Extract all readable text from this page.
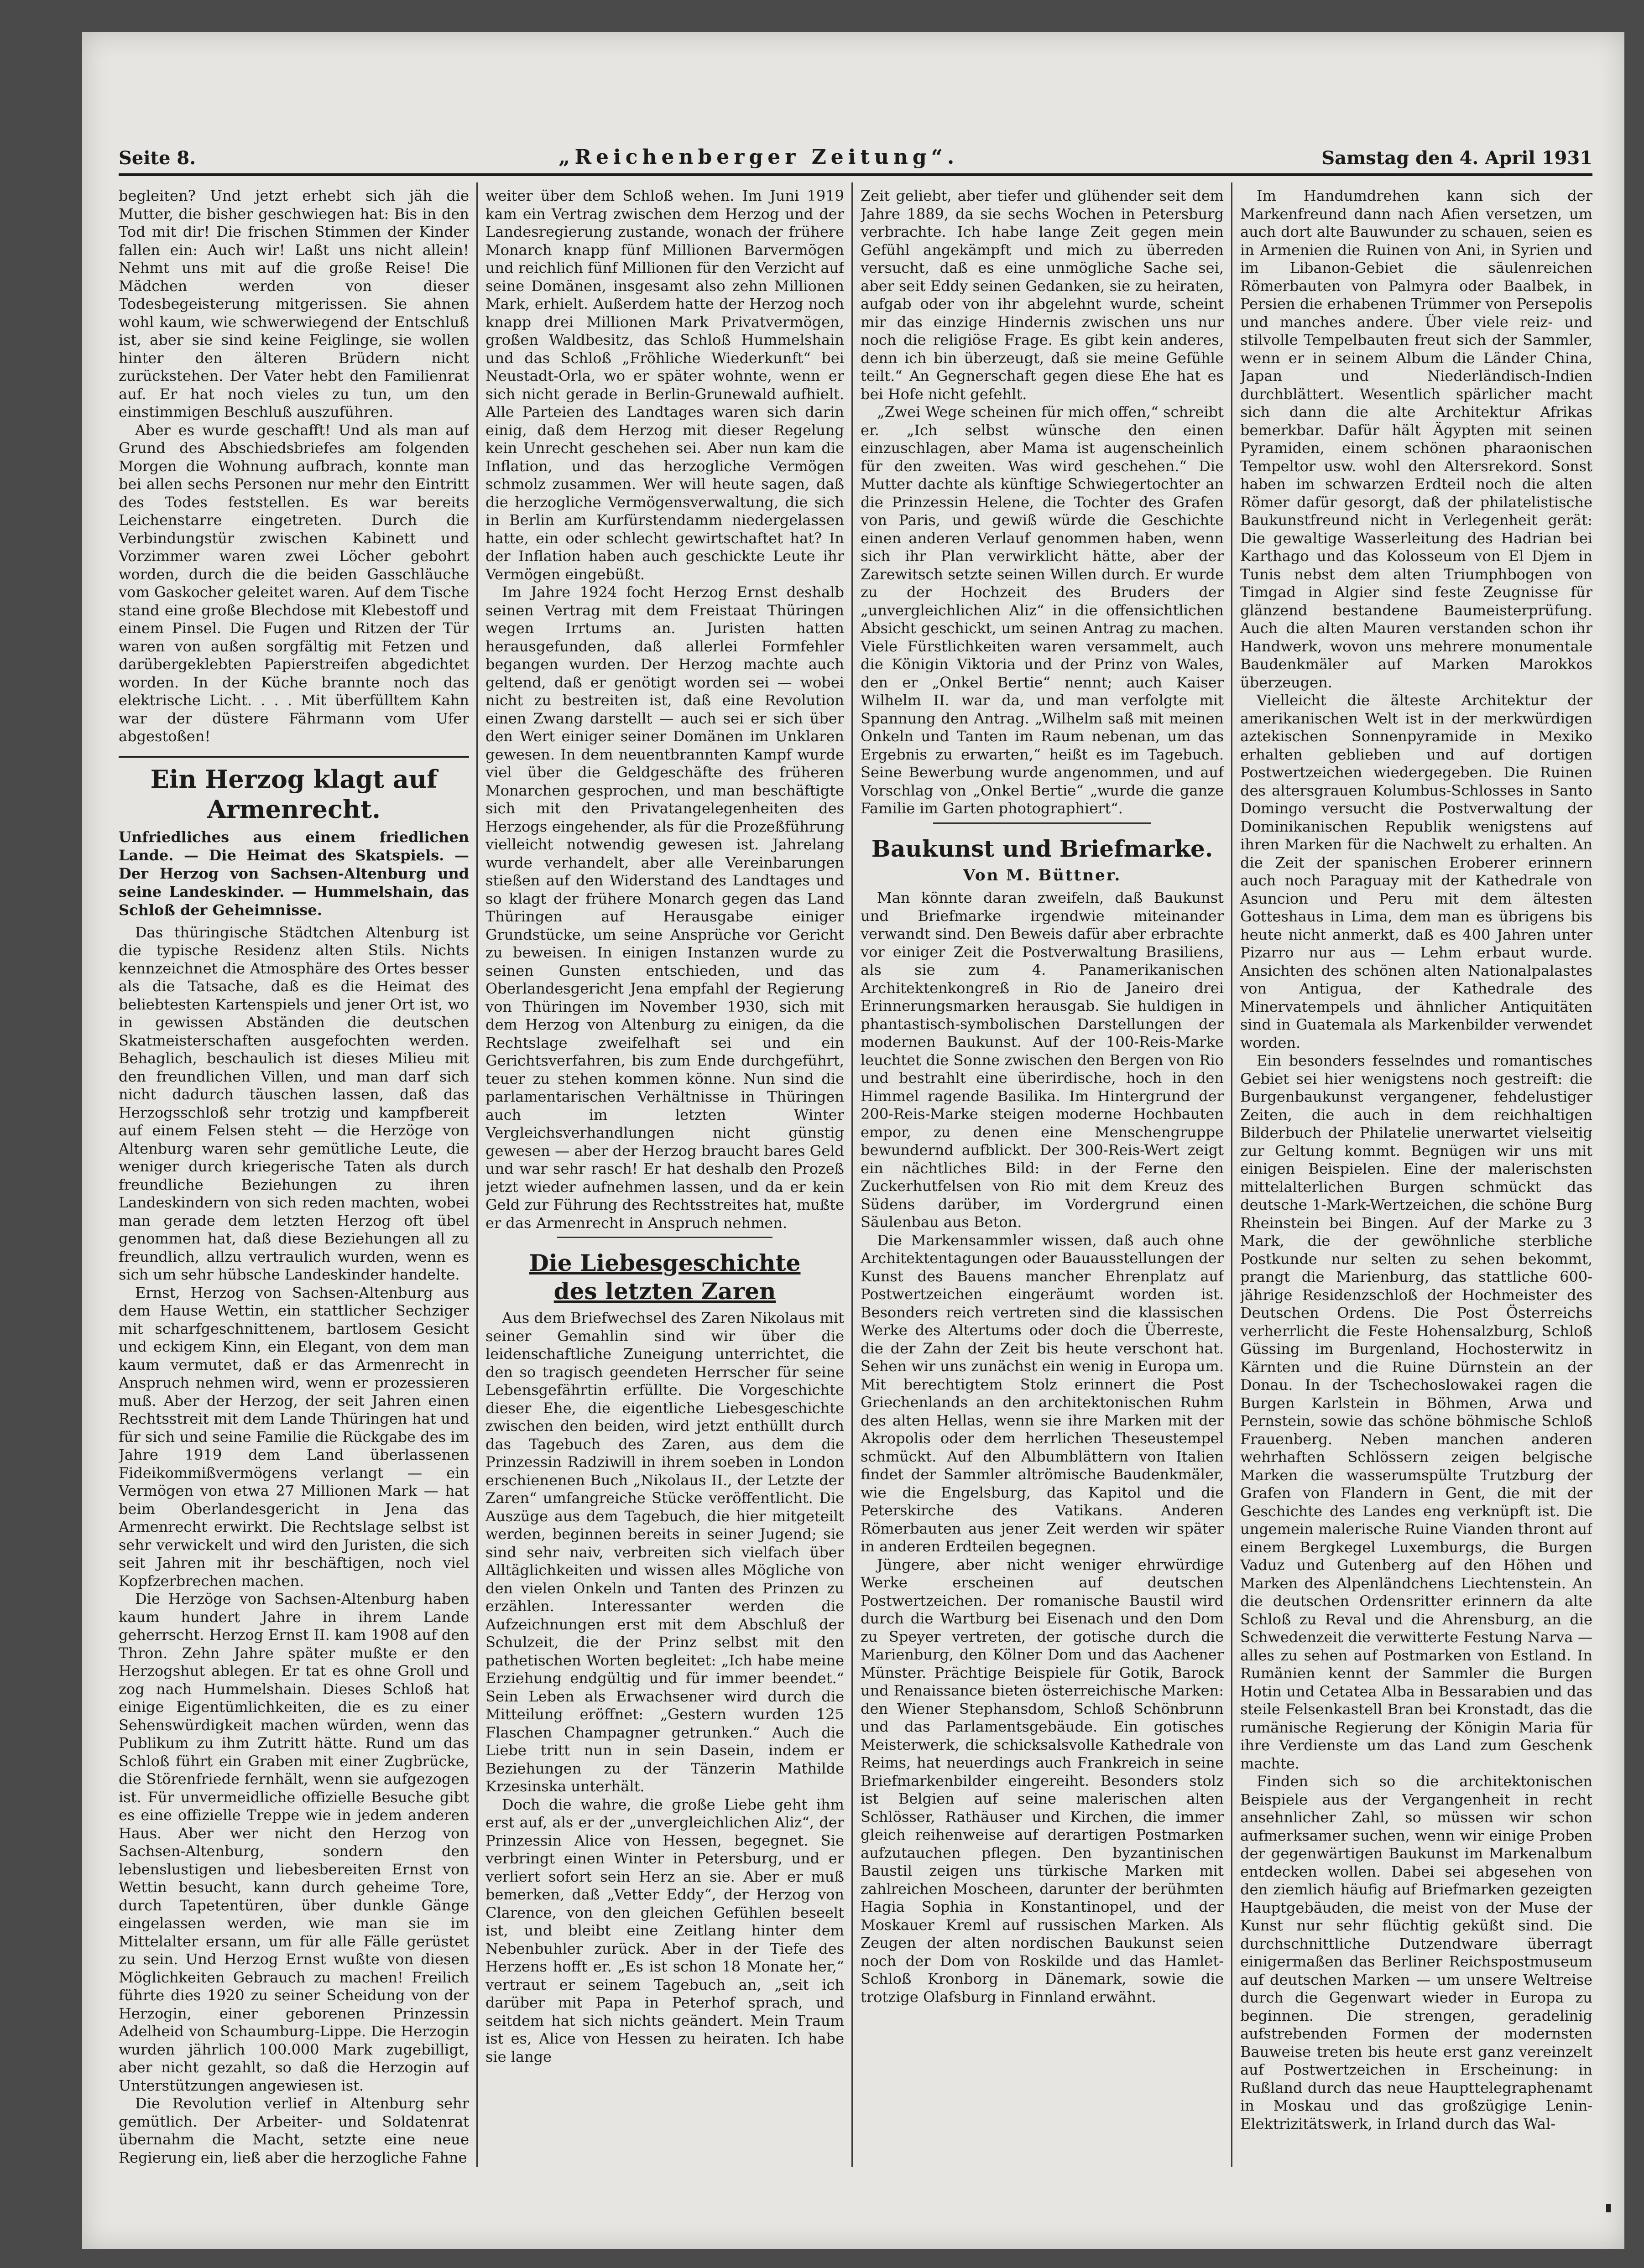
Seite 8.	„Reichenberger Zeitung“.	Samstag den 4. April 1931

begleiten? Und jetzt erhebt sich jäh die Mutter, die bisher geschwiegen hat: Bis in den Tod mit dir! Die frischen Stimmen der Kinder fallen ein: Auch wir! Laßt uns nicht allein! Nehmt uns mit auf die große Reise! Die Mädchen werden von dieser Todesbegeisterung mitgerissen. Sie ahnen wohl kaum, wie schwerwiegend der Entschluß ist, aber sie sind keine Feiglinge, sie wollen hinter den älteren Brüdern nicht zurückstehen. Der Vater hebt den Familienrat auf. Er hat noch vieles zu tun, um den einstimmigen Beschluß auszuführen.

Aber es wurde geschafft! Und als man auf Grund des Abschiedsbriefes am folgenden Morgen die Wohnung aufbrach, konnte man bei allen sechs Personen nur mehr den Eintritt des Todes feststellen. Es war bereits Leichenstarre eingetreten. Durch die Verbindungstür zwischen Kabinett und Vorzimmer waren zwei Löcher gebohrt worden, durch die die beiden Gasschläuche vom Gaskocher geleitet waren. Auf dem Tische stand eine große Blechdose mit Klebestoff und einem Pinsel. Die Fugen und Ritzen der Tür waren von außen sorgfältig mit Fetzen und darübergeklebten Papierstreifen abgedichtet worden. In der Küche brannte noch das elektrische Licht. . . . Mit überfülltem Kahn war der düstere Fährmann vom Ufer abgestoßen!

Ein Herzog klagt auf Armenrecht.
Unfriedliches aus einem friedlichen Lande. — Die Heimat des Skatspiels. — Der Herzog von Sachsen-Altenburg und seine Landeskinder. — Hummelshain, das Schloß der Geheimnisse.

Das thüringische Städtchen Altenburg ist die typische Residenz alten Stils. Nichts kennzeichnet die Atmosphäre des Ortes besser als die Tatsache, daß es die Heimat des beliebtesten Kartenspiels und jener Ort ist, wo in gewissen Abständen die deutschen Skatmeisterschaften ausgefochten werden. Behaglich, beschaulich ist dieses Milieu mit den freundlichen Villen, und man darf sich nicht dadurch täuschen lassen, daß das Herzogsschloß sehr trotzig und kampfbereit auf einem Felsen steht — die Herzöge von Altenburg waren sehr gemütliche Leute, die weniger durch kriegerische Taten als durch freundliche Beziehungen zu ihren Landeskindern von sich reden machten, wobei man gerade dem letzten Herzog oft übel genommen hat, daß diese Beziehungen all zu freundlich, allzu vertraulich wurden, wenn es sich um sehr hübsche Landeskinder handelte.

Ernst, Herzog von Sachsen-Altenburg aus dem Hause Wettin, ein stattlicher Sechziger mit scharfgeschnittenem, bartlosem Gesicht und eckigem Kinn, ein Elegant, von dem man kaum vermutet, daß er das Armenrecht in Anspruch nehmen wird, wenn er prozessieren muß. Aber der Herzog, der seit Jahren einen Rechtsstreit mit dem Lande Thüringen hat und für sich und seine Familie die Rückgabe des im Jahre 1919 dem Land überlassenen Fideikommißvermögens verlangt — ein Vermögen von etwa 27 Millionen Mark — hat beim Oberlandesgericht in Jena das Armenrecht erwirkt. Die Rechtslage selbst ist sehr verwickelt und wird den Juristen, die sich seit Jahren mit ihr beschäftigen, noch viel Kopfzerbrechen machen.

Die Herzöge von Sachsen-Altenburg haben kaum hundert Jahre in ihrem Lande geherrscht. Herzog Ernst II. kam 1908 auf den Thron. Zehn Jahre später mußte er den Herzogshut ablegen. Er tat es ohne Groll und zog nach Hummelshain. Dieses Schloß hat einige Eigentümlichkeiten, die es zu einer Sehenswürdigkeit machen würden, wenn das Publikum zu ihm Zutritt hätte. Rund um das Schloß führt ein Graben mit einer Zugbrücke, die Störenfriede fernhält, wenn sie aufgezogen ist. Für unvermeidliche offizielle Besuche gibt es eine offizielle Treppe wie in jedem anderen Haus. Aber wer nicht den Herzog von Sachsen-Altenburg, sondern den lebenslustigen und liebesbereiten Ernst von Wettin besucht, kann durch geheime Tore, durch Tapetentüren, über dunkle Gänge eingelassen werden, wie man sie im Mittelalter ersann, um für alle Fälle gerüstet zu sein. Und Herzog Ernst wußte von diesen Möglichkeiten Gebrauch zu machen! Freilich führte dies 1920 zu seiner Scheidung von der Herzogin, einer geborenen Prinzessin Adelheid von Schaumburg-Lippe. Die Herzogin wurden jährlich 100.000 Mark zugebilligt, aber nicht gezahlt, so daß die Herzogin auf Unterstützungen angewiesen ist.

Die Revolution verlief in Altenburg sehr gemütlich. Der Arbeiter- und Soldatenrat übernahm die Macht, setzte eine neue Regierung ein, ließ aber die herzogliche Fahne

weiter über dem Schloß wehen. Im Juni 1919 kam ein Vertrag zwischen dem Herzog und der Landesregierung zustande, wonach der frühere Monarch knapp fünf Millionen Barvermögen und reichlich fünf Millionen für den Verzicht auf seine Domänen, insgesamt also zehn Millionen Mark, erhielt. Außerdem hatte der Herzog noch knapp drei Millionen Mark Privatvermögen, großen Waldbesitz, das Schloß Hummelshain und das Schloß „Fröhliche Wiederkunft“ bei Neustadt-Orla, wo er später wohnte, wenn er sich nicht gerade in Berlin-Grunewald aufhielt. Alle Parteien des Landtages waren sich darin einig, daß dem Herzog mit dieser Regelung kein Unrecht geschehen sei. Aber nun kam die Inflation, und das herzogliche Vermögen schmolz zusammen. Wer will heute sagen, daß die herzogliche Vermögensverwaltung, die sich in Berlin am Kurfürstendamm niedergelassen hatte, ein oder schlecht gewirtschaftet hat? In der Inflation haben auch geschickte Leute ihr Vermögen eingebüßt.

Im Jahre 1924 focht Herzog Ernst deshalb seinen Vertrag mit dem Freistaat Thüringen wegen Irrtums an. Juristen hatten herausgefunden, daß allerlei Formfehler begangen wurden. Der Herzog machte auch geltend, daß er genötigt worden sei — wobei nicht zu bestreiten ist, daß eine Revolution einen Zwang darstellt — auch sei er sich über den Wert einiger seiner Domänen im Unklaren gewesen. In dem neuentbrannten Kampf wurde viel über die Geldgeschäfte des früheren Monarchen gesprochen, und man beschäftigte sich mit den Privatangelegenheiten des Herzogs eingehender, als für die Prozeßführung vielleicht notwendig gewesen ist. Jahrelang wurde verhandelt, aber alle Vereinbarungen stießen auf den Widerstand des Landtages und so klagt der frühere Monarch gegen das Land Thüringen auf Herausgabe einiger Grundstücke, um seine Ansprüche vor Gericht zu beweisen. In einigen Instanzen wurde zu seinen Gunsten entschieden, und das Oberlandesgericht Jena empfahl der Regierung von Thüringen im November 1930, sich mit dem Herzog von Altenburg zu einigen, da die Rechtslage zweifelhaft sei und ein Gerichtsverfahren, bis zum Ende durchgeführt, teuer zu stehen kommen könne. Nun sind die parlamentarischen Verhältnisse in Thüringen auch im letzten Winter Vergleichsverhandlungen nicht günstig gewesen — aber der Herzog braucht bares Geld und war sehr rasch! Er hat deshalb den Prozeß jetzt wieder aufnehmen lassen, und da er kein Geld zur Führung des Rechtsstreites hat, mußte er das Armenrecht in Anspruch nehmen.

Die Liebesgeschichte
des letzten Zaren

Aus dem Briefwechsel des Zaren Nikolaus mit seiner Gemahlin sind wir über die leidenschaftliche Zuneigung unterrichtet, die den so tragisch geendeten Herrscher für seine Lebensgefährtin erfüllte. Die Vorgeschichte dieser Ehe, die eigentliche Liebesgeschichte zwischen den beiden, wird jetzt enthüllt durch das Tagebuch des Zaren, aus dem die Prinzessin Radziwill in ihrem soeben in London erschienenen Buch „Nikolaus II., der Letzte der Zaren“ umfangreiche Stücke veröffentlicht. Die Auszüge aus dem Tagebuch, die hier mitgeteilt werden, beginnen bereits in seiner Jugend; sie sind sehr naiv, verbreiten sich vielfach über Alltäglichkeiten und wissen alles Mögliche von den vielen Onkeln und Tanten des Prinzen zu erzählen. Interessanter werden die Aufzeichnungen erst mit dem Abschluß der Schulzeit, die der Prinz selbst mit den pathetischen Worten begleitet: „Ich habe meine Erziehung endgültig und für immer beendet.“ Sein Leben als Erwachsener wird durch die Mitteilung eröffnet: „Gestern wurden 125 Flaschen Champagner getrunken.“ Auch die Liebe tritt nun in sein Dasein, indem er Beziehungen zu der Tänzerin Mathilde Krzesinska unterhält.

Doch die wahre, die große Liebe geht ihm erst auf, als er der „unvergleichlichen Aliz“, der Prinzessin Alice von Hessen, begegnet. Sie verbringt einen Winter in Petersburg, und er verliert sofort sein Herz an sie. Aber er muß bemerken, daß „Vetter Eddy“, der Herzog von Clarence, von den gleichen Gefühlen beseelt ist, und bleibt eine Zeitlang hinter dem Nebenbuhler zurück. Aber in der Tiefe des Herzens hofft er. „Es ist schon 18 Monate her,“ vertraut er seinem Tagebuch an, „seit ich darüber mit Papa in Peterhof sprach, und seitdem hat sich nichts geändert. Mein Traum ist es, Alice von Hessen zu heiraten. Ich habe sie lange

Zeit geliebt, aber tiefer und glühender seit dem Jahre 1889, da sie sechs Wochen in Petersburg verbrachte. Ich habe lange Zeit gegen mein Gefühl angekämpft und mich zu überreden versucht, daß es eine unmögliche Sache sei, aber seit Eddy seinen Gedanken, sie zu heiraten, aufgab oder von ihr abgelehnt wurde, scheint mir das einzige Hindernis zwischen uns nur noch die religiöse Frage. Es gibt kein anderes, denn ich bin überzeugt, daß sie meine Gefühle teilt.“ An Gegnerschaft gegen diese Ehe hat es bei Hofe nicht gefehlt.

„Zwei Wege scheinen für mich offen,“ schreibt er. „Ich selbst wünsche den einen einzuschlagen, aber Mama ist augenscheinlich für den zweiten. Was wird geschehen.“ Die Mutter dachte als künftige Schwiegertochter an die Prinzessin Helene, die Tochter des Grafen von Paris, und gewiß würde die Geschichte einen anderen Verlauf genommen haben, wenn sich ihr Plan verwirklicht hätte, aber der Zarewitsch setzte seinen Willen durch. Er wurde zu der Hochzeit des Bruders der „unvergleichlichen Aliz“ in die offensichtlichen Absicht geschickt, um seinen Antrag zu machen. Viele Fürstlichkeiten waren versammelt, auch die Königin Viktoria und der Prinz von Wales, den er „Onkel Bertie“ nennt; auch Kaiser Wilhelm II. war da, und man verfolgte mit Spannung den Antrag. „Wilhelm saß mit meinen Onkeln und Tanten im Raum nebenan, um das Ergebnis zu erwarten,“ heißt es im Tagebuch. Seine Bewerbung wurde angenommen, und auf Vorschlag von „Onkel Bertie“ „wurde die ganze Familie im Garten photographiert“.

Baukunst und Briefmarke.
Von M. Büttner.

Man könnte daran zweifeln, daß Baukunst und Briefmarke irgendwie miteinander verwandt sind. Den Beweis dafür aber erbrachte vor einiger Zeit die Postverwaltung Brasiliens, als sie zum 4. Panamerikanischen Architektenkongreß in Rio de Janeiro drei Erinnerungsmarken herausgab. Sie huldigen in phantastisch-symbolischen Darstellungen der modernen Baukunst. Auf der 100-Reis-Marke leuchtet die Sonne zwischen den Bergen von Rio und bestrahlt eine überirdische, hoch in den Himmel ragende Basilika. Im Hintergrund der 200-Reis-Marke steigen moderne Hochbauten empor, zu denen eine Menschengruppe bewundernd aufblickt. Der 300-Reis-Wert zeigt ein nächtliches Bild: in der Ferne den Zuckerhutfelsen von Rio mit dem Kreuz des Südens darüber, im Vordergrund einen Säulenbau aus Beton.

Die Markensammler wissen, daß auch ohne Architektentagungen oder Bauausstellungen der Kunst des Bauens mancher Ehrenplatz auf Postwertzeichen eingeräumt worden ist. Besonders reich vertreten sind die klassischen Werke des Altertums oder doch die Überreste, die der Zahn der Zeit bis heute verschont hat. Sehen wir uns zunächst ein wenig in Europa um. Mit berechtigtem Stolz erinnert die Post Griechenlands an den architektonischen Ruhm des alten Hellas, wenn sie ihre Marken mit der Akropolis oder dem herrlichen Theseustempel schmückt. Auf den Albumblättern von Italien findet der Sammler altrömische Baudenkmäler, wie die Engelsburg, das Kapitol und die Peterskirche des Vatikans. Anderen Römerbauten aus jener Zeit werden wir später in anderen Erdteilen begegnen.

Jüngere, aber nicht weniger ehrwürdige Werke erscheinen auf deutschen Postwertzeichen. Der romanische Baustil wird durch die Wartburg bei Eisenach und den Dom zu Speyer vertreten, der gotische durch die Marienburg, den Kölner Dom und das Aachener Münster. Prächtige Beispiele für Gotik, Barock und Renaissance bieten österreichische Marken: den Wiener Stephansdom, Schloß Schönbrunn und das Parlamentsgebäude. Ein gotisches Meisterwerk, die schicksalsvolle Kathedrale von Reims, hat neuerdings auch Frankreich in seine Briefmarkenbilder eingereiht. Besonders stolz ist Belgien auf seine malerischen alten Schlösser, Rathäuser und Kirchen, die immer gleich reihenweise auf derartigen Postmarken aufzutauchen pflegen. Den byzantinischen Baustil zeigen uns türkische Marken mit zahlreichen Moscheen, darunter der berühmten Hagia Sophia in Konstantinopel, und der Moskauer Kreml auf russischen Marken. Als Zeugen der alten nordischen Baukunst seien noch der Dom von Roskilde und das Hamlet-Schloß Kronborg in Dänemark, sowie die trotzige Olafsburg in Finnland erwähnt.

Im Handumdrehen kann sich der Markenfreund dann nach Afien versetzen, um auch dort alte Bauwunder zu schauen, seien es in Armenien die Ruinen von Ani, in Syrien und im Libanon-Gebiet die säulenreichen Römerbauten von Palmyra oder Baalbek, in Persien die erhabenen Trümmer von Persepolis und manches andere. Über viele reiz- und stilvolle Tempelbauten freut sich der Sammler, wenn er in seinem Album die Länder China, Japan und Niederländisch-Indien durchblättert. Wesentlich spärlicher macht sich dann die alte Architektur Afrikas bemerkbar. Dafür hält Ägypten mit seinen Pyramiden, einem schönen pharaonischen Tempeltor usw. wohl den Altersrekord. Sonst haben im schwarzen Erdteil noch die alten Römer dafür gesorgt, daß der philatelistische Baukunstfreund nicht in Verlegenheit gerät: Die gewaltige Wasserleitung des Hadrian bei Karthago und das Kolosseum von El Djem in Tunis nebst dem alten Triumphbogen von Timgad in Algier sind feste Zeugnisse für glänzend bestandene Baumeisterprüfung. Auch die alten Mauren verstanden schon ihr Handwerk, wovon uns mehrere monumentale Baudenkmäler auf Marken Marokkos überzeugen.

Vielleicht die älteste Architektur der amerikanischen Welt ist in der merkwürdigen aztekischen Sonnenpyramide in Mexiko erhalten geblieben und auf dortigen Postwertzeichen wiedergegeben. Die Ruinen des altersgrauen Kolumbus-Schlosses in Santo Domingo versucht die Postverwaltung der Dominikanischen Republik wenigstens auf ihren Marken für die Nachwelt zu erhalten. An die Zeit der spanischen Eroberer erinnern auch noch Paraguay mit der Kathedrale von Asuncion und Peru mit dem ältesten Gotteshaus in Lima, dem man es übrigens bis heute nicht anmerkt, daß es 400 Jahren unter Pizarro nur aus — Lehm erbaut wurde. Ansichten des schönen alten Nationalpalastes von Antigua, der Kathedrale des Minervatempels und ähnlicher Antiquitäten sind in Guatemala als Markenbilder verwendet worden.

Ein besonders fesselndes und romantisches Gebiet sei hier wenigstens noch gestreift: die Burgenbaukunst vergangener, fehdelustiger Zeiten, die auch in dem reichhaltigen Bilderbuch der Philatelie unerwartet vielseitig zur Geltung kommt. Begnügen wir uns mit einigen Beispielen. Eine der malerischsten mittelalterlichen Burgen schmückt das deutsche 1-Mark-Wertzeichen, die schöne Burg Rheinstein bei Bingen. Auf der Marke zu 3 Mark, die der gewöhnliche sterbliche Postkunde nur selten zu sehen bekommt, prangt die Marienburg, das stattliche 600-jährige Residenzschloß der Hochmeister des Deutschen Ordens. Die Post Österreichs verherrlicht die Feste Hohensalzburg, Schloß Güssing im Burgenland, Hochosterwitz in Kärnten und die Ruine Dürnstein an der Donau. In der Tschechoslowakei ragen die Burgen Karlstein in Böhmen, Arwa und Pernstein, sowie das schöne böhmische Schloß Frauenberg. Neben manchen anderen wehrhaften Schlössern zeigen belgische Marken die wasserumspülte Trutzburg der Grafen von Flandern in Gent, die mit der Geschichte des Landes eng verknüpft ist. Die ungemein malerische Ruine Vianden thront auf einem Bergkegel Luxemburgs, die Burgen Vaduz und Gutenberg auf den Höhen und Marken des Alpenländchens Liechtenstein. An die deutschen Ordensritter erinnern da alte Schloß zu Reval und die Ahrensburg, an die Schwedenzeit die verwitterte Festung Narva — alles zu sehen auf Postmarken von Estland. In Rumänien kennt der Sammler die Burgen Hotin und Cetatea Alba in Bessarabien und das steile Felsenkastell Bran bei Kronstadt, das die rumänische Regierung der Königin Maria für ihre Verdienste um das Land zum Geschenk machte.

Finden sich so die architektonischen Beispiele aus der Vergangenheit in recht ansehnlicher Zahl, so müssen wir schon aufmerksamer suchen, wenn wir einige Proben der gegenwärtigen Baukunst im Markenalbum entdecken wollen. Dabei sei abgesehen von den ziemlich häufig auf Briefmarken gezeigten Hauptgebäuden, die meist von der Muse der Kunst nur sehr flüchtig geküßt sind. Die durchschnittliche Dutzendware überragt einigermaßen das Berliner Reichspostmuseum auf deutschen Marken — um unsere Weltreise durch die Gegenwart wieder in Europa zu beginnen. Die strengen, geradelinig aufstrebenden Formen der modernsten Bauweise treten bis heute erst ganz vereinzelt auf Postwertzeichen in Erscheinung: in Rußland durch das neue Haupttelegraphenamt in Moskau und das großzügige Lenin-Elektrizitätswerk, in Irland durch das Wal-
